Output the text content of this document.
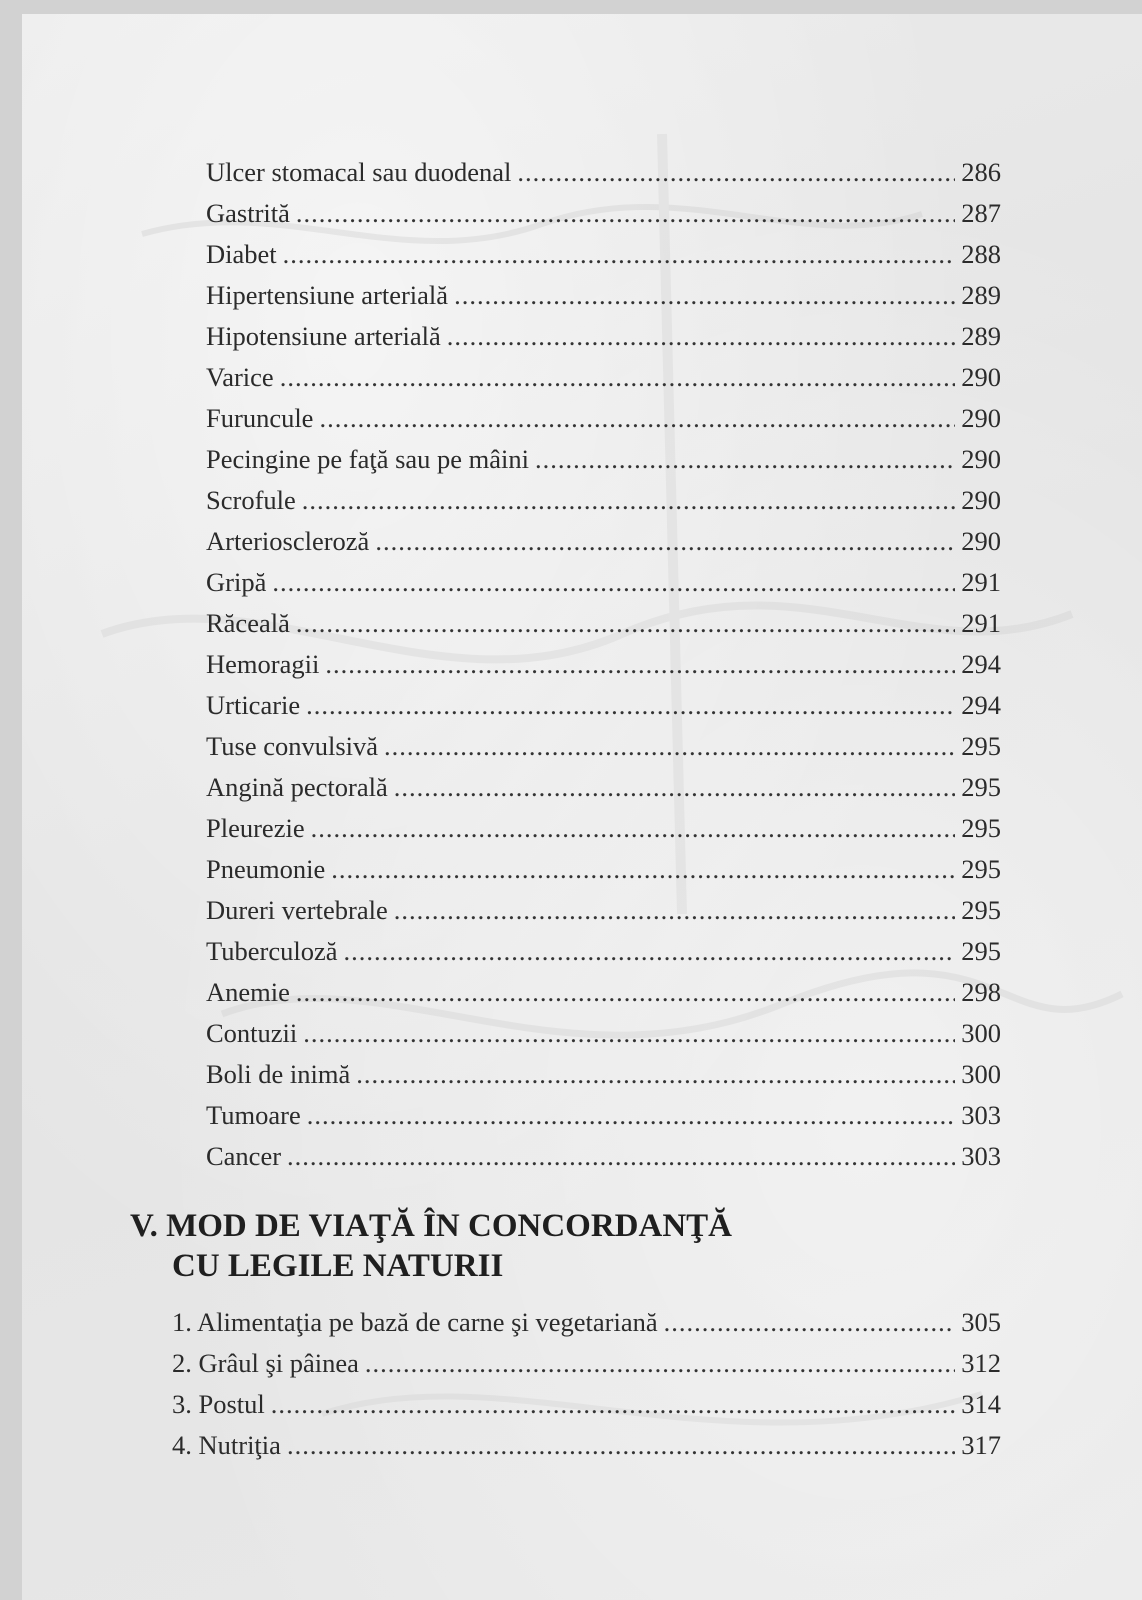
Ulcer stomacal sau duodenal .....	286
Gastrită .....	287
Diabet .....	288
Hipertensiune arterială .....	289
Hipotensiune arterială .....	289
Varice .....	290
Furuncule .....	290
Pecingine pe faţă sau pe mâini .....	290
Scrofule .....	290
Arterioscleroză .....	290
Gripă .....	291
Răceală .....	291
Hemoragii .....	294
Urticarie .....	294
Tuse convulsivă .....	295
Angină pectorală .....	295
Pleurezie .....	295
Pneumonie .....	295
Dureri vertebrale .....	295
Tuberculoză .....	295
Anemie .....	298
Contuzii .....	300
Boli de inimă .....	300
Tumoare .....	303
Cancer .....	303
V. MOD DE VIAŢĂ ÎN CONCORDANŢĂ
CU LEGILE NATURII
1. Alimentaţia pe bază de carne şi vegetariană .....	305
2. Grâul şi pâinea .....	312
3. Postul .....	314
4. Nutriţia .....	317
